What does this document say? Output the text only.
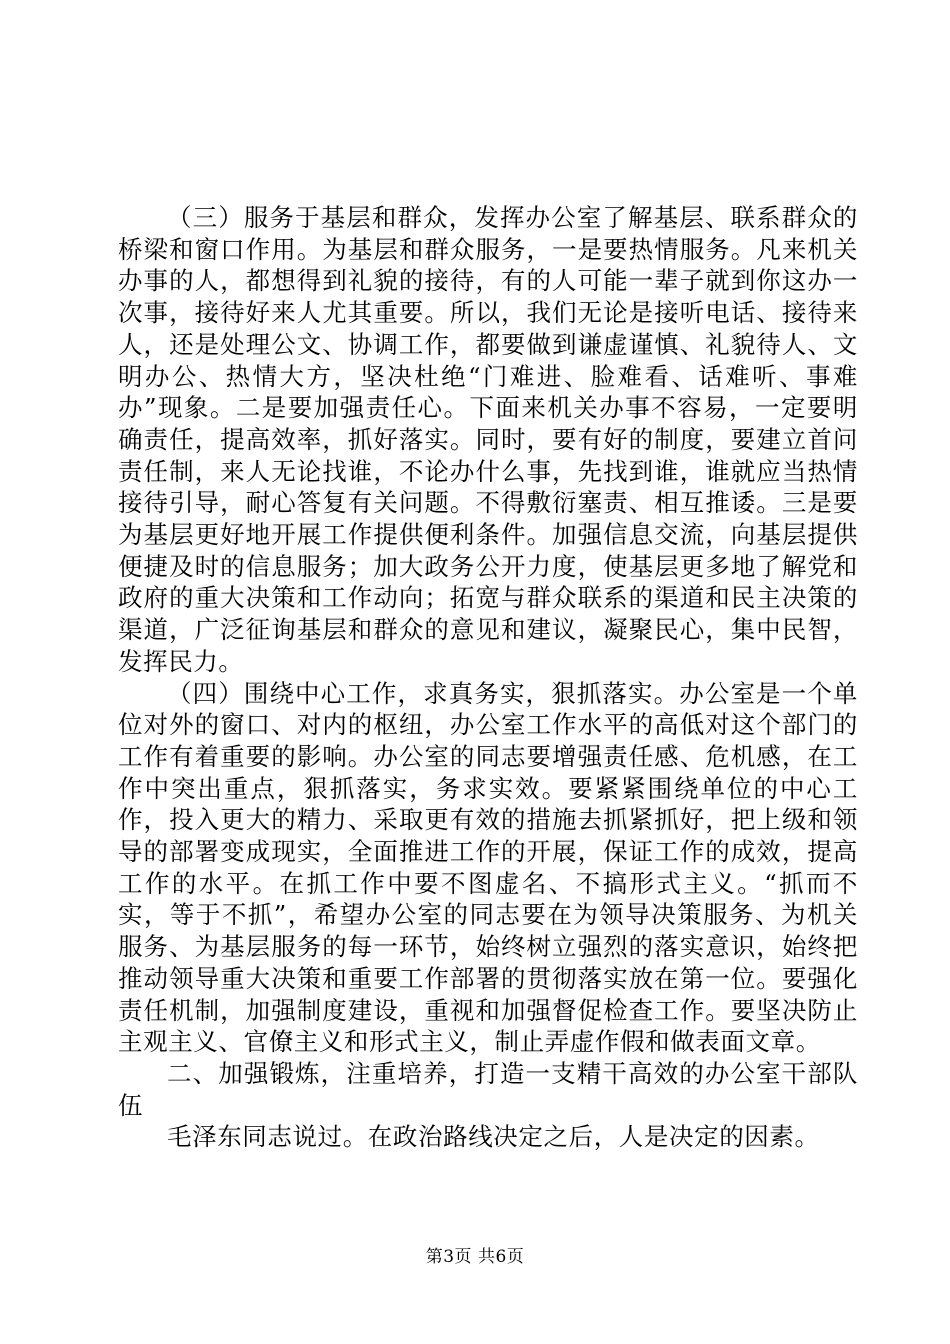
（三）服务于基层和群众，发挥办公室了解基层、联系群众的桥梁和窗口作用。为基层和群众服务，一是要热情服务。凡来机关办事的人，都想得到礼貌的接待，有的人可能一辈子就到你这办一次事，接待好来人尤其重要。所以，我们无论是接听电话、接待来人，还是处理公文、协调工作，都要做到谦虚谨慎、礼貌待人、文明办公、热情大方，坚决杜绝“门难进、脸难看、话难听、事难办”现象。二是要加强责任心。下面来机关办事不容易，一定要明确责任，提高效率，抓好落实。同时，要有好的制度，要建立首问责任制，来人无论找谁，不论办什么事，先找到谁，谁就应当热情接待引导，耐心答复有关问题。不得敷衍塞责、相互推诿。三是要为基层更好地开展工作提供便利条件。加强信息交流，向基层提供便捷及时的信息服务；加大政务公开力度，使基层更多地了解党和政府的重大决策和工作动向；拓宽与群众联系的渠道和民主决策的渠道，广泛征询基层和群众的意见和建议，凝聚民心，集中民智，发挥民力。

（四）围绕中心工作，求真务实，狠抓落实。办公室是一个单位对外的窗口、对内的枢纽，办公室工作水平的高低对这个部门的工作有着重要的影响。办公室的同志要增强责任感、危机感，在工作中突出重点，狠抓落实，务求实效。要紧紧围绕单位的中心工作，投入更大的精力、采取更有效的措施去抓紧抓好，把上级和领导的部署变成现实，全面推进工作的开展，保证工作的成效，提高工作的水平。在抓工作中要不图虚名、不搞形式主义。“抓而不实，等于不抓”，希望办公室的同志要在为领导决策服务、为机关服务、为基层服务的每一环节，始终树立强烈的落实意识，始终把推动领导重大决策和重要工作部署的贯彻落实放在第一位。要强化责任机制，加强制度建设，重视和加强督促检查工作。要坚决防止主观主义、官僚主义和形式主义，制止弄虚作假和做表面文章。

二、加强锻炼，注重培养，打造一支精干高效的办公室干部队伍

毛泽东同志说过。在政治路线决定之后，人是决定的因素。

第3页 共6页
